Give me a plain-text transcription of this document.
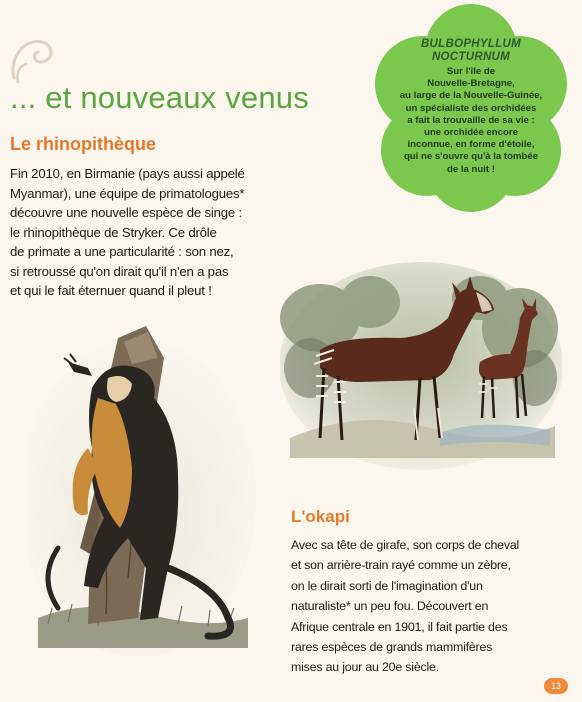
... et nouveaux venus
Le rhinopithèque
Fin 2010, en Birmanie (pays aussi appelé
Myanmar), une équipe de primatologues*
découvre une nouvelle espèce de singe :
le rhinopithèque de Stryker. Ce drôle
de primate a une particularité : son nez,
si retroussé qu'on dirait qu'il n'en a pas
et qui le fait éternuer quand il pleut !
BULBOPHYLLUM
NOCTURNUM
Sur l'île de
Nouvelle-Bretagne,
au large de la Nouvelle-Guinée,
un spécialiste des orchidées
a fait la trouvaille de sa vie :
une orchidée encore
inconnue, en forme d'étoile,
qui ne s'ouvre qu'à la tombée
de la nuit !
L'okapi
Avec sa tête de girafe, son corps de cheval
et son arrière-train rayé comme un zèbre,
on le dirait sorti de l'imagination d'un
naturaliste* un peu fou. Découvert en
Afrique centrale en 1901, il fait partie des
rares espèces de grands mammifères
mises au jour au 20e siècle.
13
